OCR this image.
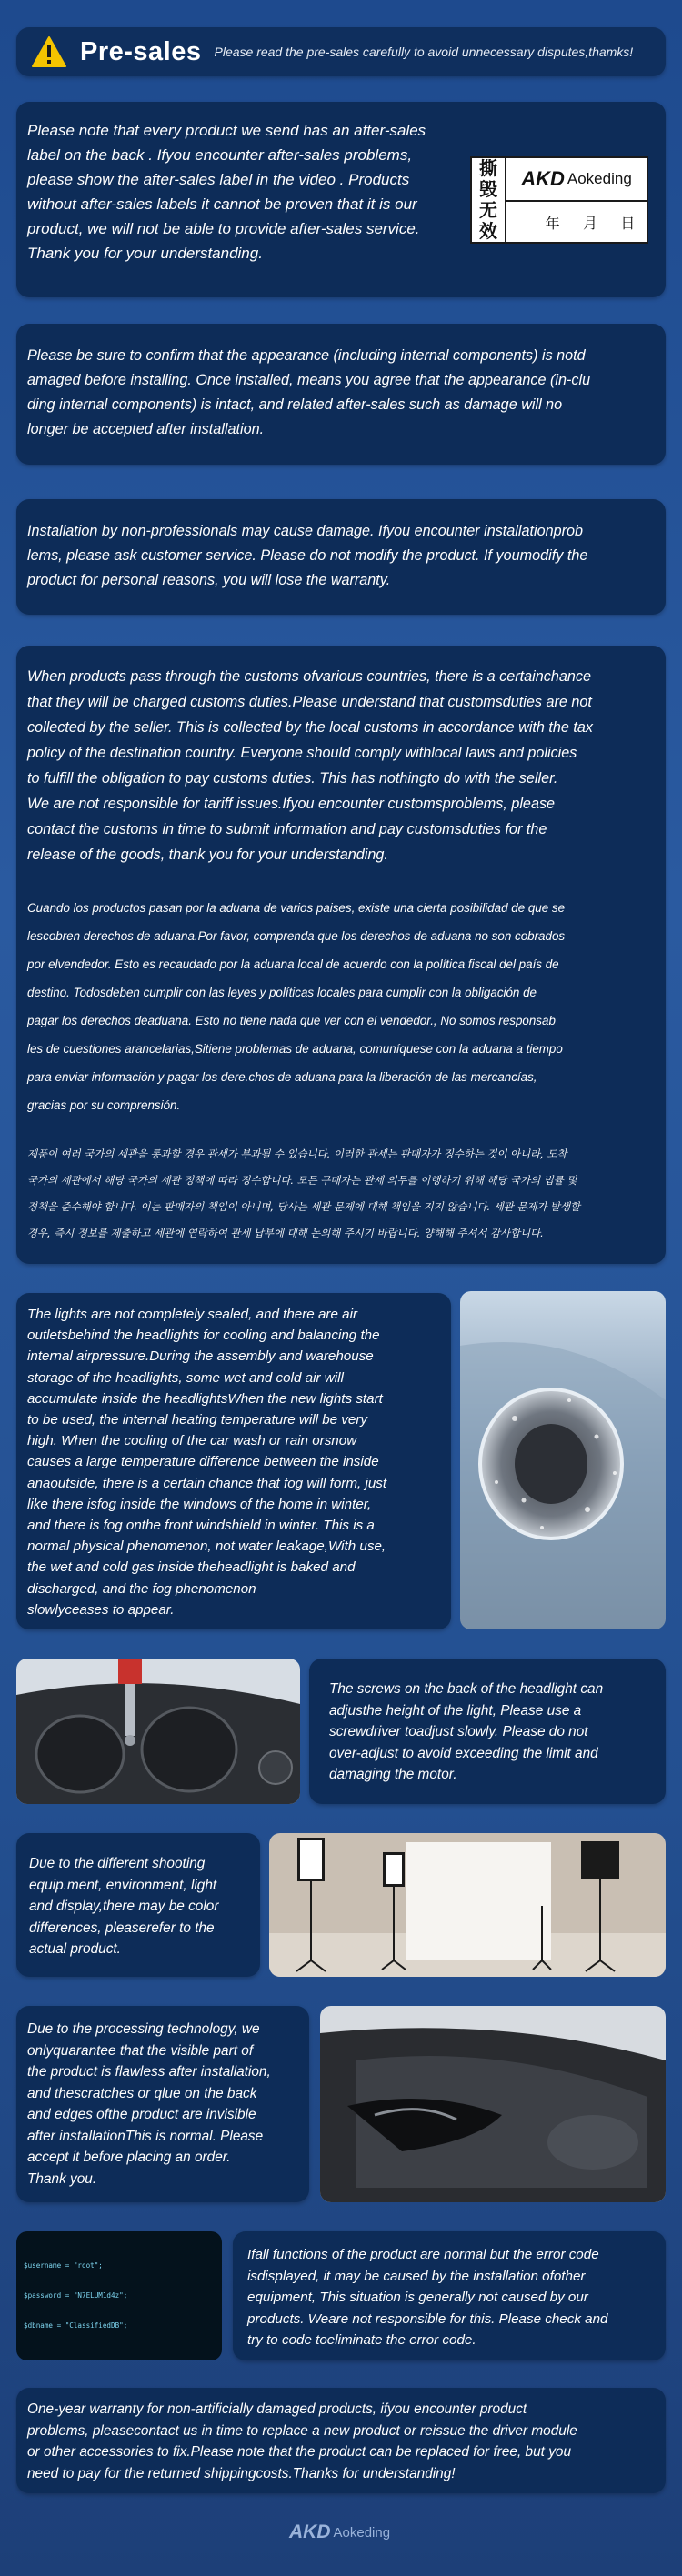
Pre-sales Please read the pre-sales carefully to avoid unnecessary disputes,thamks!
Please note that every product we send has an after-sales
label on the back . Ifyou encounter after-sales problems,
please show the after-sales label in the video . Products
without after-sales labels it cannot be proven that it is our
product, we will not be able to provide after-sales service.
Thank you for your understanding.
撕
毁
无
效
AKD Aokeding
年 月 日
Please be sure to confirm that the appearance (including internal components) is notd
amaged before installing. Once installed, means you agree that the appearance (in-clu
ding internal components) is intact, and related after-sales such as damage will no
longer be accepted after installation.
Installation by non-professionals may cause damage. Ifyou encounter installationprob
lems, please ask customer service. Please do not modify the product. If youmodify the
product for personal reasons, you will lose the warranty.
When products pass through the customs ofvarious countries, there is a certainchance
that they will be charged customs duties.Please understand that customsduties are not
collected by the seller. This is collected by the local customs in accordance with the tax
policy of the destination country. Everyone should comply withlocal laws and policies
to fulfill the obligation to pay customs duties. This has nothingto do with the seller.
We are not responsible for tariff issues.Ifyou encounter customsproblems, please
contact the customs in time to submit information and pay customsduties for the
release of the goods, thank you for your understanding.
Cuando los productos pasan por la aduana de varios paises, existe una cierta posibilidad de que se
lescobren derechos de aduana.Por favor, comprenda que los derechos de aduana no son cobrados
por elvendedor. Esto es recaudado por la aduana local de acuerdo con la política fiscal del país de
destino. Todosdeben cumplir con las leyes y políticas locales para cumplir con la obligación de
pagar los derechos deaduana. Esto no tiene nada que ver con el vendedor., No somos responsab
les de cuestiones arancelarias,Sitiene problemas de aduana, comuníquese con la aduana a tiempo
para enviar información y pagar los dere.chos de aduana para la liberación de las mercancías,
gracias por su comprensión.
제품이 여러 국가의 세관을 통과할 경우 관세가 부과될 수 있습니다. 이러한 관세는 판매자가 징수하는 것이 아니라, 도착
국가의 세관에서 해당 국가의 세관 정책에 따라 징수합니다. 모든 구매자는 관세 의무를 이행하기 위해 해당 국가의 법률 및
정책을 준수해야 합니다. 이는 판매자의 책임이 아니며, 당사는 세관 문제에 대해 책임을 지지 않습니다. 세관 문제가 발생할
경우, 즉시 정보를 제출하고 세관에 연락하여 관세 납부에 대해 논의해 주시기 바랍니다. 양해해 주셔서 감사합니다.
The lights are not completely sealed, and there are air
outletsbehind the headlights for cooling and balancing the
internal airpressure.During the assembly and warehouse
storage of the headlights, some wet and cold air will
accumulate inside the headlightsWhen the new lights start
to be used, the internal heating temperature will be very
high. When the cooling of the car wash or rain orsnow
causes a large temperature difference between the inside
anaoutside, there is a certain chance that fog will form, just
like there isfog inside the windows of the home in winter,
and there is fog onthe front windshield in winter. This is a
normal physical phenomenon, not water leakage,With use,
the wet and cold gas inside theheadlight is baked and
discharged, and the fog phenomenon
slowlyceases to appear.
The screws on the back of the headlight can
adjusthe height of the light, Please use a
screwdriver toadjust slowly. Please do not
over-adjust to avoid exceeding the limit and
damaging the motor.
Due to the different shooting
equip.ment, environment, light
and display,there may be color
differences, pleaserefer to the
actual product.
Due to the processing technology, we
onlyquarantee that the visible part of
the product is flawless after installation,
and thescratches or qlue on the back
and edges ofthe product are invisible
after installationThis is normal. Please
accept it before placing an order.
Thank you.

$username = "root";

$password = "N7ELUM1d4z";

$dbname = "ClassifiedDB";

Ifall functions of the product are normal but the error code
isdisplayed, it may be caused by the installation ofother
equipment, This situation is generally not caused by our
products. Weare not responsible for this. Please check and
try to code toeliminate the error code.
One-year warranty for non-artificially damaged products, ifyou encounter product
problems, pleasecontact us in time to replace a new product or reissue the driver module
or other accessories to fix.Please note that the product can be replaced for free, but you
need to pay for the returned shippingcosts.Thanks for understanding!
AKD Aokeding
